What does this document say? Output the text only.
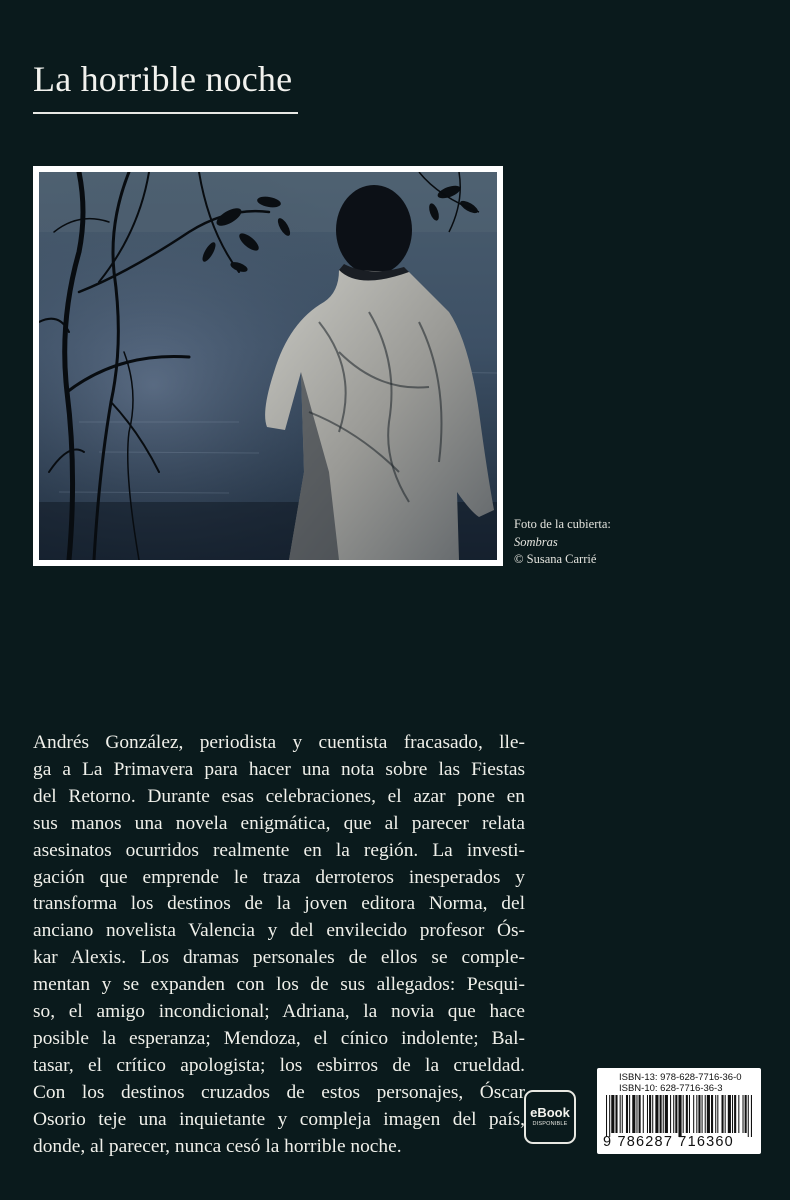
La horrible noche
Foto de la cubierta:
Sombras
© Susana Carrié

Andrés González, periodista y cuentista fracasado, lle-
ga a La Primavera para hacer una nota sobre las Fiestas
del Retorno. Durante esas celebraciones, el azar pone en
sus manos una novela enigmática, que al parecer relata
asesinatos ocurridos realmente en la región. La investi-
gación que emprende le traza derroteros inesperados y
transforma los destinos de la joven editora Norma, del
anciano novelista Valencia y del envilecido profesor Ós-
kar Alexis. Los dramas personales de ellos se comple-
mentan y se expanden con los de sus allegados: Pesqui-
so, el amigo incondicional; Adriana, la novia que hace
posible la esperanza; Mendoza, el cínico indolente; Bal-
tasar, el crítico apologista; los esbirros de la crueldad.
Con los destinos cruzados de estos personajes, Óscar
Osorio teje una inquietante y compleja imagen del país,
donde, al parecer, nunca cesó la horrible noche.

eBook
DISPONIBLE
ISBN-13: 978-628-7716-36-0
ISBN-10: 628-7716-36-3
9 786287 716360
